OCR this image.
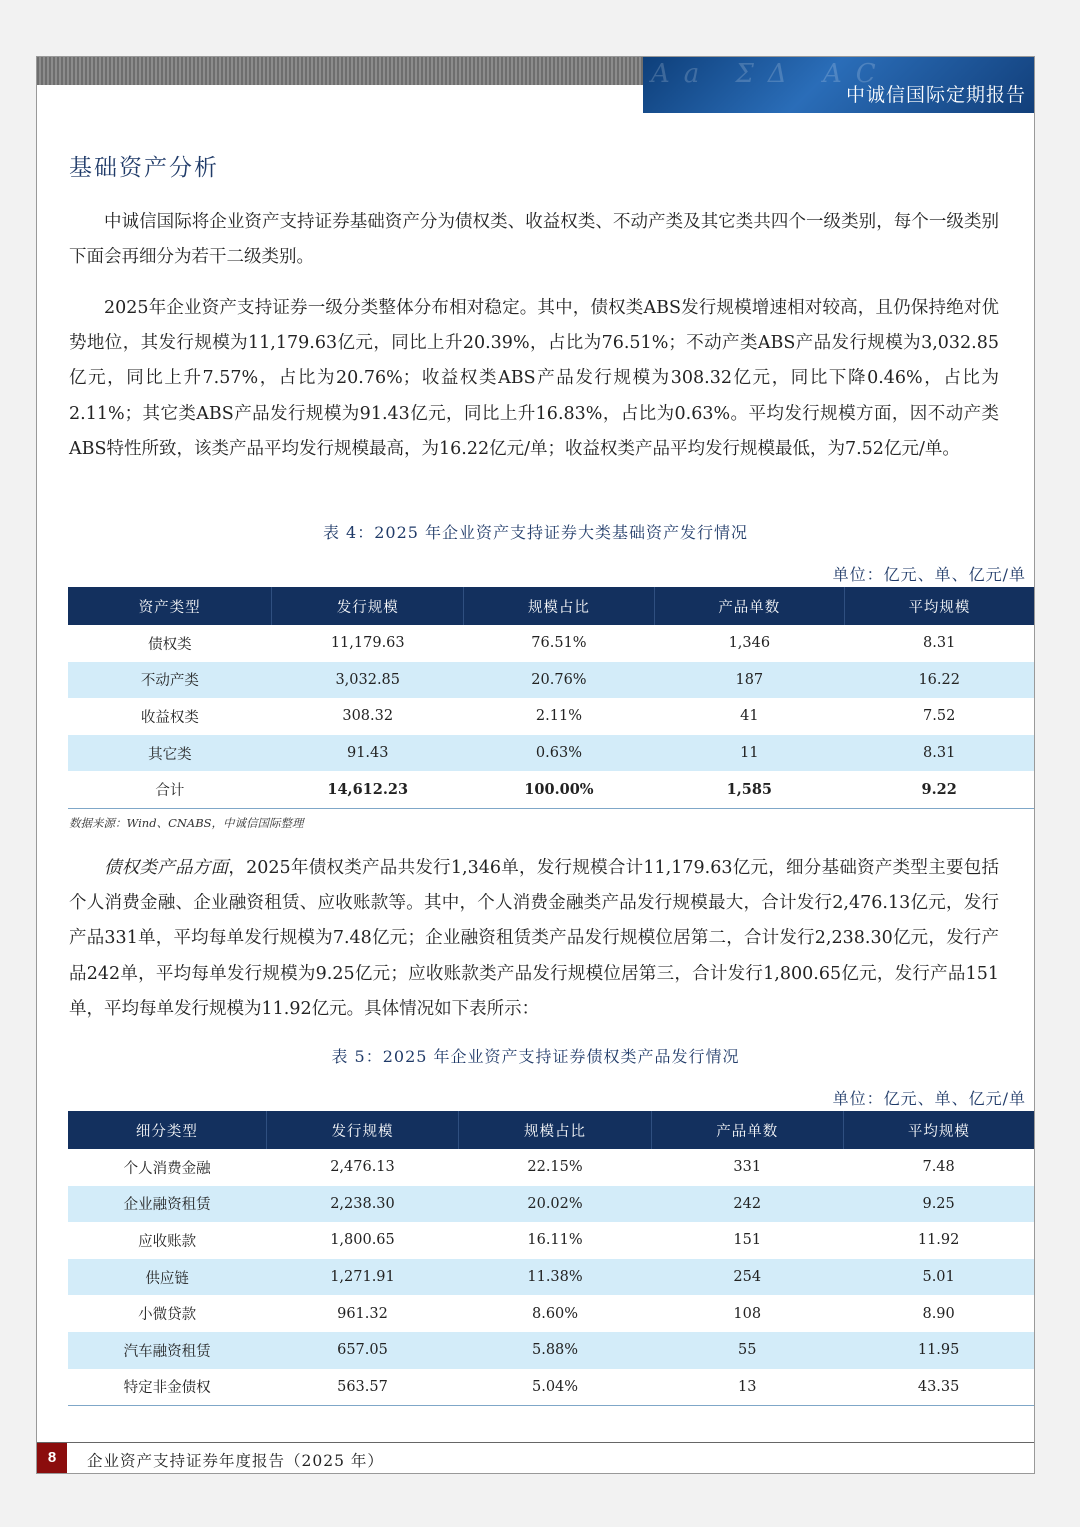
Aa ΣΔ AC
中诚信国际定期报告
基础资产分析

中诚信国际将企业资产支持证券基础资产分为债权类、收益权类、不动产类及其它类共四个一级类别，每个一级类别下面会再细分为若干二级类别。

2025年企业资产支持证券一级分类整体分布相对稳定。其中，债权类ABS发行规模增速相对较高，且仍保持绝对优势地位，其发行规模为11,179.63亿元，同比上升20.39%，占比为76.51%；不动产类ABS产品发行规模为3,032.85亿元，同比上升7.57%，占比为20.76%；收益权类ABS产品发行规模为308.32亿元，同比下降0.46%，占比为2.11%；其它类ABS产品发行规模为91.43亿元，同比上升16.83%，占比为0.63%。平均发行规模方面，因不动产类ABS特性所致，该类产品平均发行规模最高，为16.22亿元/单；收益权类产品平均发行规模最低，为7.52亿元/单。

表 4：2025 年企业资产支持证券大类基础资产发行情况
单位：亿元、单、亿元/单
资产类型	发行规模	规模占比	产品单数	平均规模
债权类	11,179.63	76.51%	1,346	8.31
不动产类	3,032.85	20.76%	187	16.22
收益权类	308.32	2.11%	41	7.52
其它类	91.43	0.63%	11	8.31
合计	14,612.23	100.00%	1,585	9.22
数据来源：Wind、CNABS，中诚信国际整理

债权类产品方面，2025年债权类产品共发行1,346单，发行规模合计11,179.63亿元，细分基础资产类型主要包括个人消费金融、企业融资租赁、应收账款等。其中，个人消费金融类产品发行规模最大，合计发行2,476.13亿元，发行产品331单，平均每单发行规模为7.48亿元；企业融资租赁类产品发行规模位居第二，合计发行2,238.30亿元，发行产品242单，平均每单发行规模为9.25亿元；应收账款类产品发行规模位居第三，合计发行1,800.65亿元，发行产品151单，平均每单发行规模为11.92亿元。具体情况如下表所示：

表 5：2025 年企业资产支持证券债权类产品发行情况
单位：亿元、单、亿元/单
细分类型	发行规模	规模占比	产品单数	平均规模
个人消费金融	2,476.13	22.15%	331	7.48
企业融资租赁	2,238.30	20.02%	242	9.25
应收账款	1,800.65	16.11%	151	11.92
供应链	1,271.91	11.38%	254	5.01
小微贷款	961.32	8.60%	108	8.90
汽车融资租赁	657.05	5.88%	55	11.95
特定非金债权	563.57	5.04%	13	43.35
8	企业资产支持证券年度报告（2025 年）
